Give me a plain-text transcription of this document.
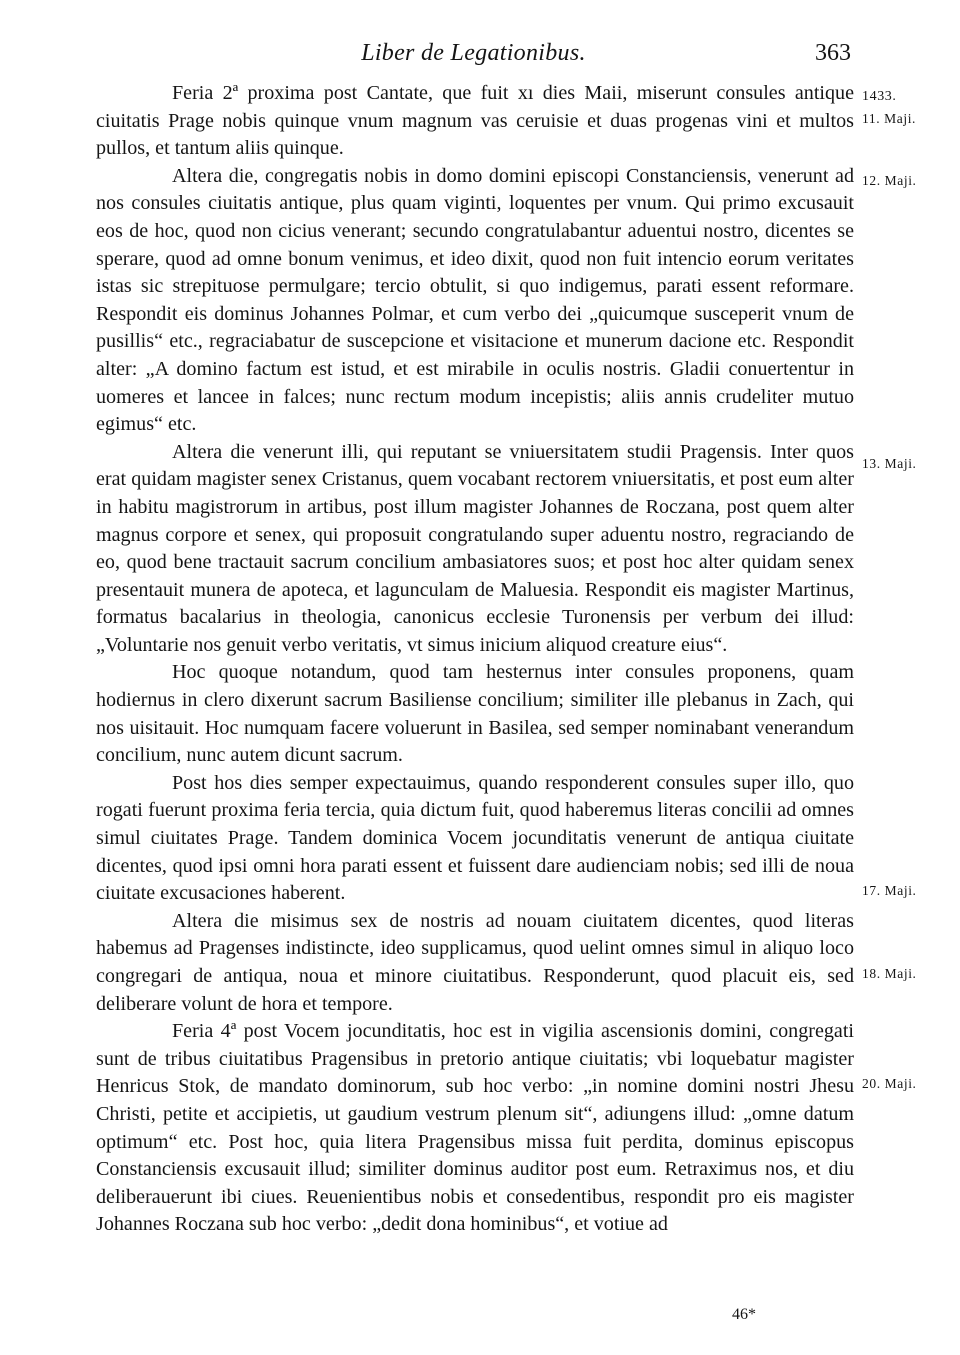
Liber de Legationibus.	363

Feria 2ª proxima post Cantate, que fuit xı dies Maii, miserunt consules antique ciuitatis Prage nobis quinque vnum magnum vas ceruisie et duas progenas vini et multos pullos, et tantum aliis quinque.

Altera die, congregatis nobis in domo domini episcopi Constanciensis, venerunt ad nos consules ciuitatis antique, plus quam viginti, loquentes per vnum. Qui primo excusauit eos de hoc, quod non cicius venerant; secundo congratulabantur aduentui nostro, dicentes se sperare, quod ad omne bonum venimus, et ideo dixit, quod non fuit intencio eorum veritates istas sic strepituose permulgare; tercio obtulit, si quo indigemus, parati essent reformare. Respondit eis dominus Johannes Polmar, et cum verbo dei „quicumque susceperit vnum de pusillis“ etc., regraciabatur de suscepcione et visitacione et munerum dacione etc. Respondit alter: „A domino factum est istud, et est mirabile in oculis nostris. Gladii conuertentur in uomeres et lancee in falces; nunc rectum modum incepistis; aliis annis crudeliter mutuo egimus“ etc.

Altera die venerunt illi, qui reputant se vniuersitatem studii Pragensis. Inter quos erat quidam magister senex Cristanus, quem vocabant rectorem vniuersitatis, et post eum alter in habitu magistrorum in artibus, post illum magister Johannes de Roczana, post quem alter magnus corpore et senex, qui proposuit congratulando super aduentu nostro, regraciando de eo, quod bene tractauit sacrum concilium ambasiatores suos; et post hoc alter quidam senex presentauit munera de apoteca, et lagunculam de Maluesia. Respondit eis magister Martinus, formatus bacalarius in theologia, canonicus ecclesie Turonensis per verbum dei illud: „Voluntarie nos genuit verbo veritatis, vt simus inicium aliquod creature eius“.

Hoc quoque notandum, quod tam hesternus inter consules proponens, quam hodiernus in clero dixerunt sacrum Basiliense concilium; similiter ille plebanus in Zach, qui nos uisitauit. Hoc numquam facere voluerunt in Basilea, sed semper nominabant venerandum concilium, nunc autem dicunt sacrum.

Post hos dies semper expectauimus, quando responderent consules super illo, quo rogati fuerunt proxima feria tercia, quia dictum fuit, quod haberemus literas concilii ad omnes simul ciuitates Prage. Tandem dominica Vocem jocunditatis venerunt de antiqua ciuitate dicentes, quod ipsi omni hora parati essent et fuissent dare audienciam nobis; sed illi de noua ciuitate excusaciones haberent.

Altera die misimus sex de nostris ad nouam ciuitatem dicentes, quod literas habemus ad Pragenses indistincte, ideo supplicamus, quod uelint omnes simul in aliquo loco congregari de antiqua, noua et minore ciuitatibus. Responderunt, quod placuit eis, sed deliberare volunt de hora et tempore.

Feria 4ª post Vocem jocunditatis, hoc est in vigilia ascensionis domini, congregati sunt de tribus ciuitatibus Pragensibus in pretorio antique ciuitatis; vbi loquebatur magister Henricus Stok, de mandato dominorum, sub hoc verbo: „in nomine domini nostri Jhesu Christi, petite et accipietis, ut gaudium vestrum plenum sit“, adiungens illud: „omne datum optimum“ etc. Post hoc, quia litera Pragensibus missa fuit perdita, dominus episcopus Constanciensis excusauit illud; similiter dominus auditor post eum. Retraximus nos, et diu deliberauerunt ibi ciues. Reuenientibus nobis et consedentibus, respondit pro eis magister Johannes Roczana sub hoc verbo: „dedit dona hominibus“, et votiue ad

1433.
11. Maji.
12. Maji.
13. Maji.
17. Maji.
18. Maji.
20. Maji.
46*
